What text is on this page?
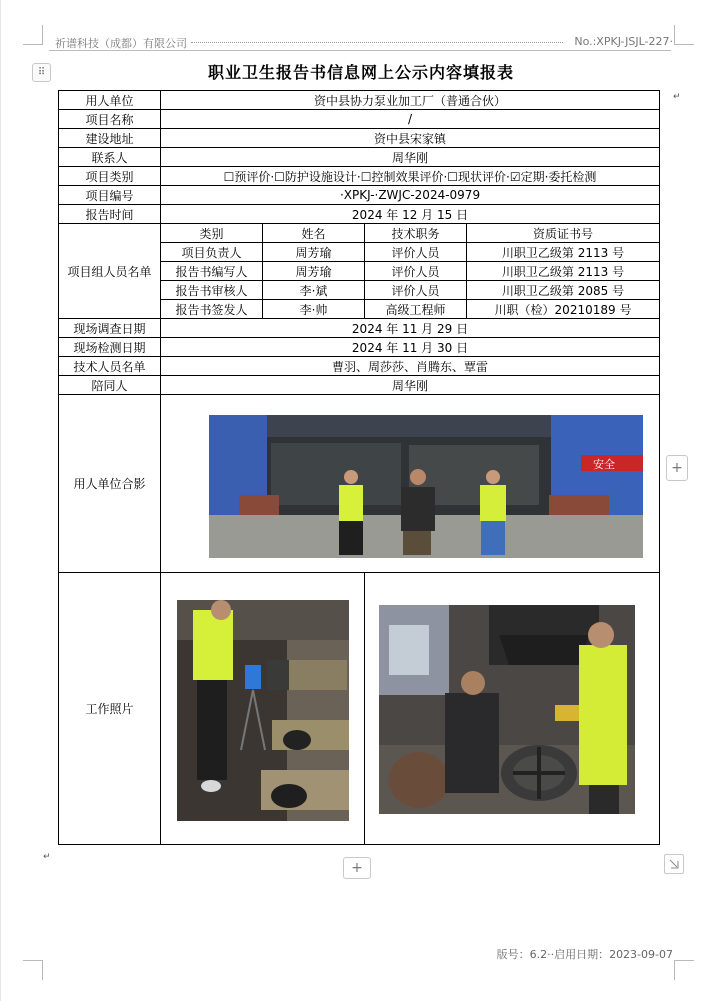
祈谱科技（成都）有限公司	No.:XPKJ-JSJL-227·
⠿	职业卫生报告书信息网上公示内容填报表
用人单位	资中县协力泵业加工厂（普通合伙）			
项目名称	/			
建设地址	资中县宋家镇			
联系人	周华刚			
项目类别	☐预评价·☐防护设施设计·☐控制效果评价·☐现状评价·☑定期·委托检测			
项目编号	·XPKJ-·ZWJC-2024-0979			
报告时间	2024 年 12 月 15 日			
项目组人员名单	类别	姓名	技术职务	资质证书号
	项目负责人	周芳瑜	评价人员	川职卫乙级第 2113 号
	报告书编写人	周芳瑜	评价人员	川职卫乙级第 2113 号
	报告书审核人	李·斌	评价人员	川职卫乙级第 2085 号
	报告书签发人	李·帅	高级工程师	川职（检）20210189 号
现场调查日期	2024 年 11 月 29 日			
现场检测日期	2024 年 11 月 30 日			
技术人员名单	曹羽、周莎莎、肖腾东、覃雷			
陪同人	周华刚			
用人单位合影				
工作照片				
安全	+
+
版号：6.2··启用日期：2023-09-07
↵
↵
